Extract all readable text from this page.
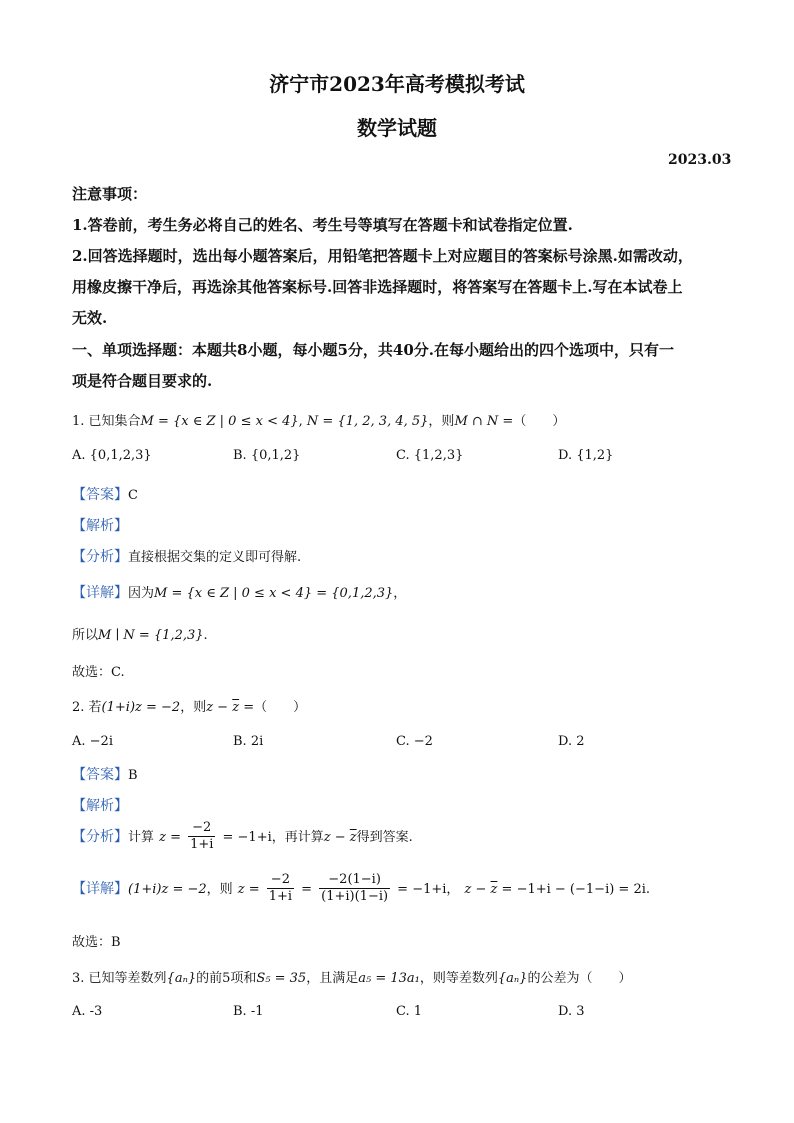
济宁市2023年高考模拟考试
数学试题
2023.03
注意事项：
1.答卷前，考生务必将自己的姓名、考生号等填写在答题卡和试卷指定位置.
2.回答选择题时，选出每小题答案后，用铅笔把答题卡上对应题目的答案标号涂黑.如需改动，
用橡皮擦干净后，再选涂其他答案标号.回答非选择题时，将答案写在答题卡上.写在本试卷上
无效.
一、单项选择题：本题共8小题，每小题5分，共40分.在每小题给出的四个选项中，只有一
项是符合题目要求的.
1. 已知集合M = {x ∈ Z | 0 ≤ x < 4}, N = {1, 2, 3, 4, 5}，则M ∩ N =（　　）
A. {0,1,2,3}	B. {0,1,2}	C. {1,2,3}	D. {1,2}
【答案】C
【解析】
【分析】直接根据交集的定义即可得解.
【详解】因为M = {x ∈ Z | 0 ≤ x < 4} = {0,1,2,3}，
所以M ∣ N = {1,2,3}.
故选：C.
2. 若(1+i)z = −2，则$z - \overline{z}$ =（　　）
A. −2i	B. 2i	C. −2	D. 2
【答案】B
【解析】
【分析】计算 $z = \frac{-2}{1+i} = -1+i$，再计算$z - \overline{z}$得到答案.
【详解】(1+i)z = −2，则 $z = \frac{-2}{1+i} = \frac{-2(1-i)}{(1+i)(1-i)} = -1+i$， $z - \overline{z} = -1+i - (-1-i) = 2i$.
故选：B
3. 已知等差数列{aₙ}的前5项和S₅ = 35，且满足a₅ = 13a₁，则等差数列{aₙ}的公差为（　　）
A. -3	B. -1	C. 1	D. 3
